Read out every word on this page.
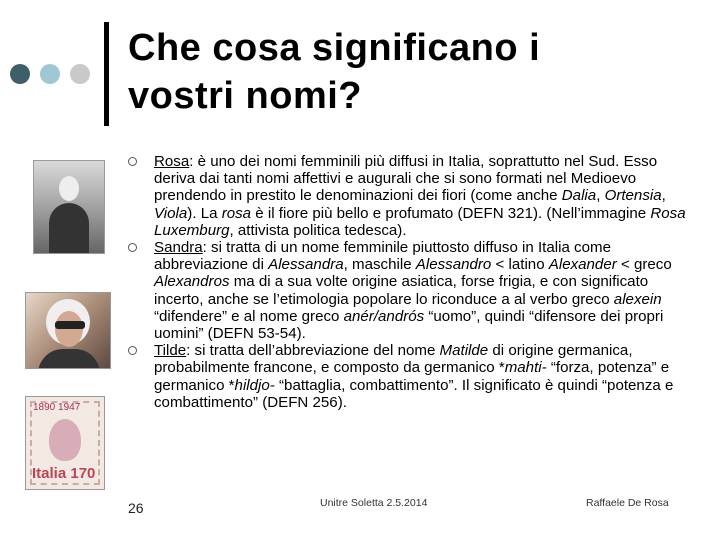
Che cosa significano i
vostri nomi?
1890 1947
Italia 170
Rosa: è uno dei nomi femminili più diffusi in Italia, soprattutto nel Sud. Esso deriva dai tanti nomi affettivi e augurali che si sono formati nel Medioevo prendendo in prestito le denominazioni dei fiori (come anche Dalia, Ortensia, Viola). La rosa è il fiore più bello e profumato (DEFN 321). (Nell’immagine Rosa Luxemburg, attivista politica tedesca).
Sandra: si tratta di un nome femminile piuttosto diffuso in Italia come abbreviazione di Alessandra, maschile Alessandro < latino Alexander < greco Alexandros ma di a sua volte origine asiatica, forse frigia, e con significato incerto, anche se l’etimologia popolare lo riconduce a al verbo greco alexein “difendere” e al nome greco anér/andrós “uomo”, quindi “difensore dei propri uomini” (DEFN 53-54).
Tilde: si tratta dell’abbreviazione del nome Matilde di origine germanica, probabilmente francone, e composto da germanico *mahti- “forza, potenza” e germanico *hildjo- “battaglia, combattimento”. Il significato è quindi “potenza e combattimento” (DEFN 256).
26	Unitre Soletta 2.5.2014	Raffaele De Rosa
